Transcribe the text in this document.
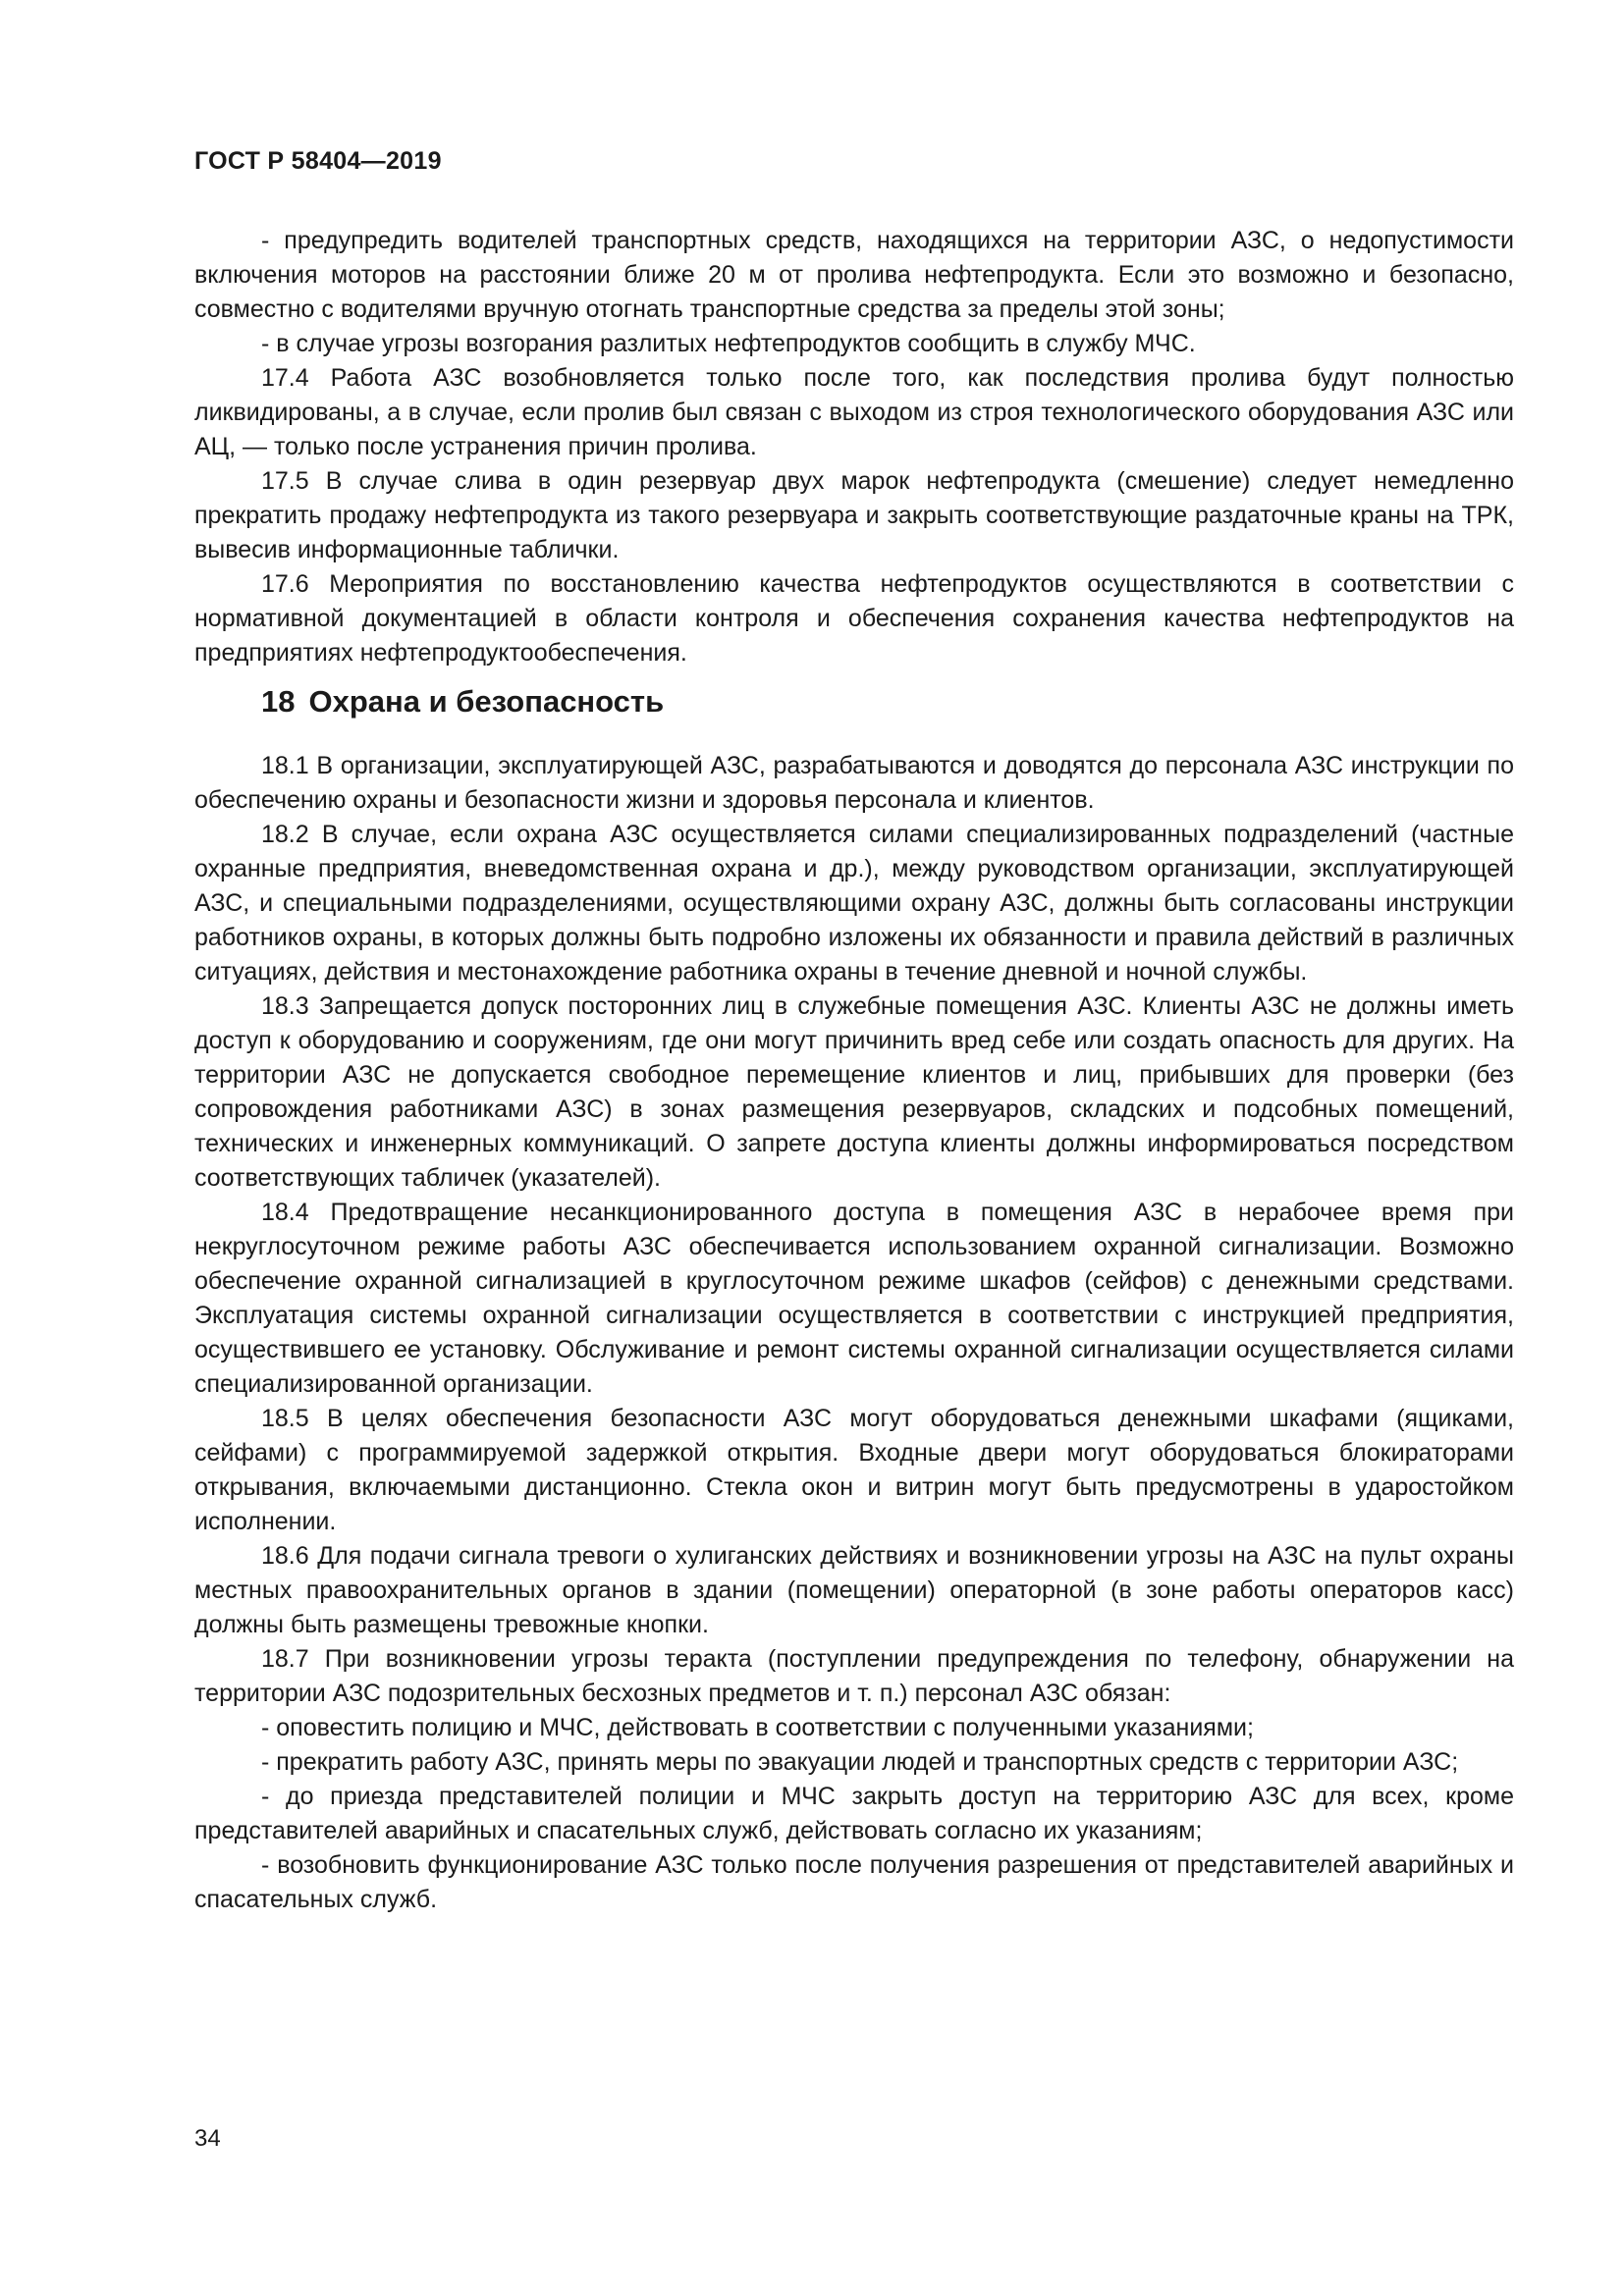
ГОСТ Р 58404—2019

- предупредить водителей транспортных средств, находящихся на территории АЗС, о недопустимости включения моторов на расстоянии ближе 20 м от пролива нефтепродукта. Если это возможно и безопасно, совместно с водителями вручную отогнать транспортные средства за пределы этой зоны;

- в случае угрозы возгорания разлитых нефтепродуктов сообщить в службу МЧС.

17.4 Работа АЗС возобновляется только после того, как последствия пролива будут полностью ликвидированы, а в случае, если пролив был связан с выходом из строя технологического оборудования АЗС или АЦ, — только после устранения причин пролива.

17.5 В случае слива в один резервуар двух марок нефтепродукта (смешение) следует немедленно прекратить продажу нефтепродукта из такого резервуара и закрыть соответствующие раздаточные краны на ТРК, вывесив информационные таблички.

17.6 Мероприятия по восстановлению качества нефтепродуктов осуществляются в соответствии с нормативной документацией в области контроля и обеспечения сохранения качества нефтепродуктов на предприятиях нефтепродуктообеспечения.

18 Охрана и безопасность

18.1 В организации, эксплуатирующей АЗС, разрабатываются и доводятся до персонала АЗС инструкции по обеспечению охраны и безопасности жизни и здоровья персонала и клиентов.

18.2 В случае, если охрана АЗС осуществляется силами специализированных подразделений (частные охранные предприятия, вневедомственная охрана и др.), между руководством организации, эксплуатирующей АЗС, и специальными подразделениями, осуществляющими охрану АЗС, должны быть согласованы инструкции работников охраны, в которых должны быть подробно изложены их обязанности и правила действий в различных ситуациях, действия и местонахождение работника охраны в течение дневной и ночной службы.

18.3 Запрещается допуск посторонних лиц в служебные помещения АЗС. Клиенты АЗС не должны иметь доступ к оборудованию и сооружениям, где они могут причинить вред себе или создать опасность для других. На территории АЗС не допускается свободное перемещение клиентов и лиц, прибывших для проверки (без сопровождения работниками АЗС) в зонах размещения резервуаров, складских и подсобных помещений, технических и инженерных коммуникаций. О запрете доступа клиенты должны информироваться посредством соответствующих табличек (указателей).

18.4 Предотвращение несанкционированного доступа в помещения АЗС в нерабочее время при некруглосуточном режиме работы АЗС обеспечивается использованием охранной сигнализации. Возможно обеспечение охранной сигнализацией в круглосуточном режиме шкафов (сейфов) с денежными средствами. Эксплуатация системы охранной сигнализации осуществляется в соответствии с инструкцией предприятия, осуществившего ее установку. Обслуживание и ремонт системы охранной сигнализации осуществляется силами специализированной организации.

18.5 В целях обеспечения безопасности АЗС могут оборудоваться денежными шкафами (ящиками, сейфами) с программируемой задержкой открытия. Входные двери могут оборудоваться блокираторами открывания, включаемыми дистанционно. Стекла окон и витрин могут быть предусмотрены в ударостойком исполнении.

18.6 Для подачи сигнала тревоги о хулиганских действиях и возникновении угрозы на АЗС на пульт охраны местных правоохранительных органов в здании (помещении) операторной (в зоне работы операторов касс) должны быть размещены тревожные кнопки.

18.7 При возникновении угрозы теракта (поступлении предупреждения по телефону, обнаружении на территории АЗС подозрительных бесхозных предметов и т. п.) персонал АЗС обязан:

- оповестить полицию и МЧС, действовать в соответствии с полученными указаниями;

- прекратить работу АЗС, принять меры по эвакуации людей и транспортных средств с территории АЗС;

- до приезда представителей полиции и МЧС закрыть доступ на территорию АЗС для всех, кроме представителей аварийных и спасательных служб, действовать согласно их указаниям;

- возобновить функционирование АЗС только после получения разрешения от представителей аварийных и спасательных служб.

34
